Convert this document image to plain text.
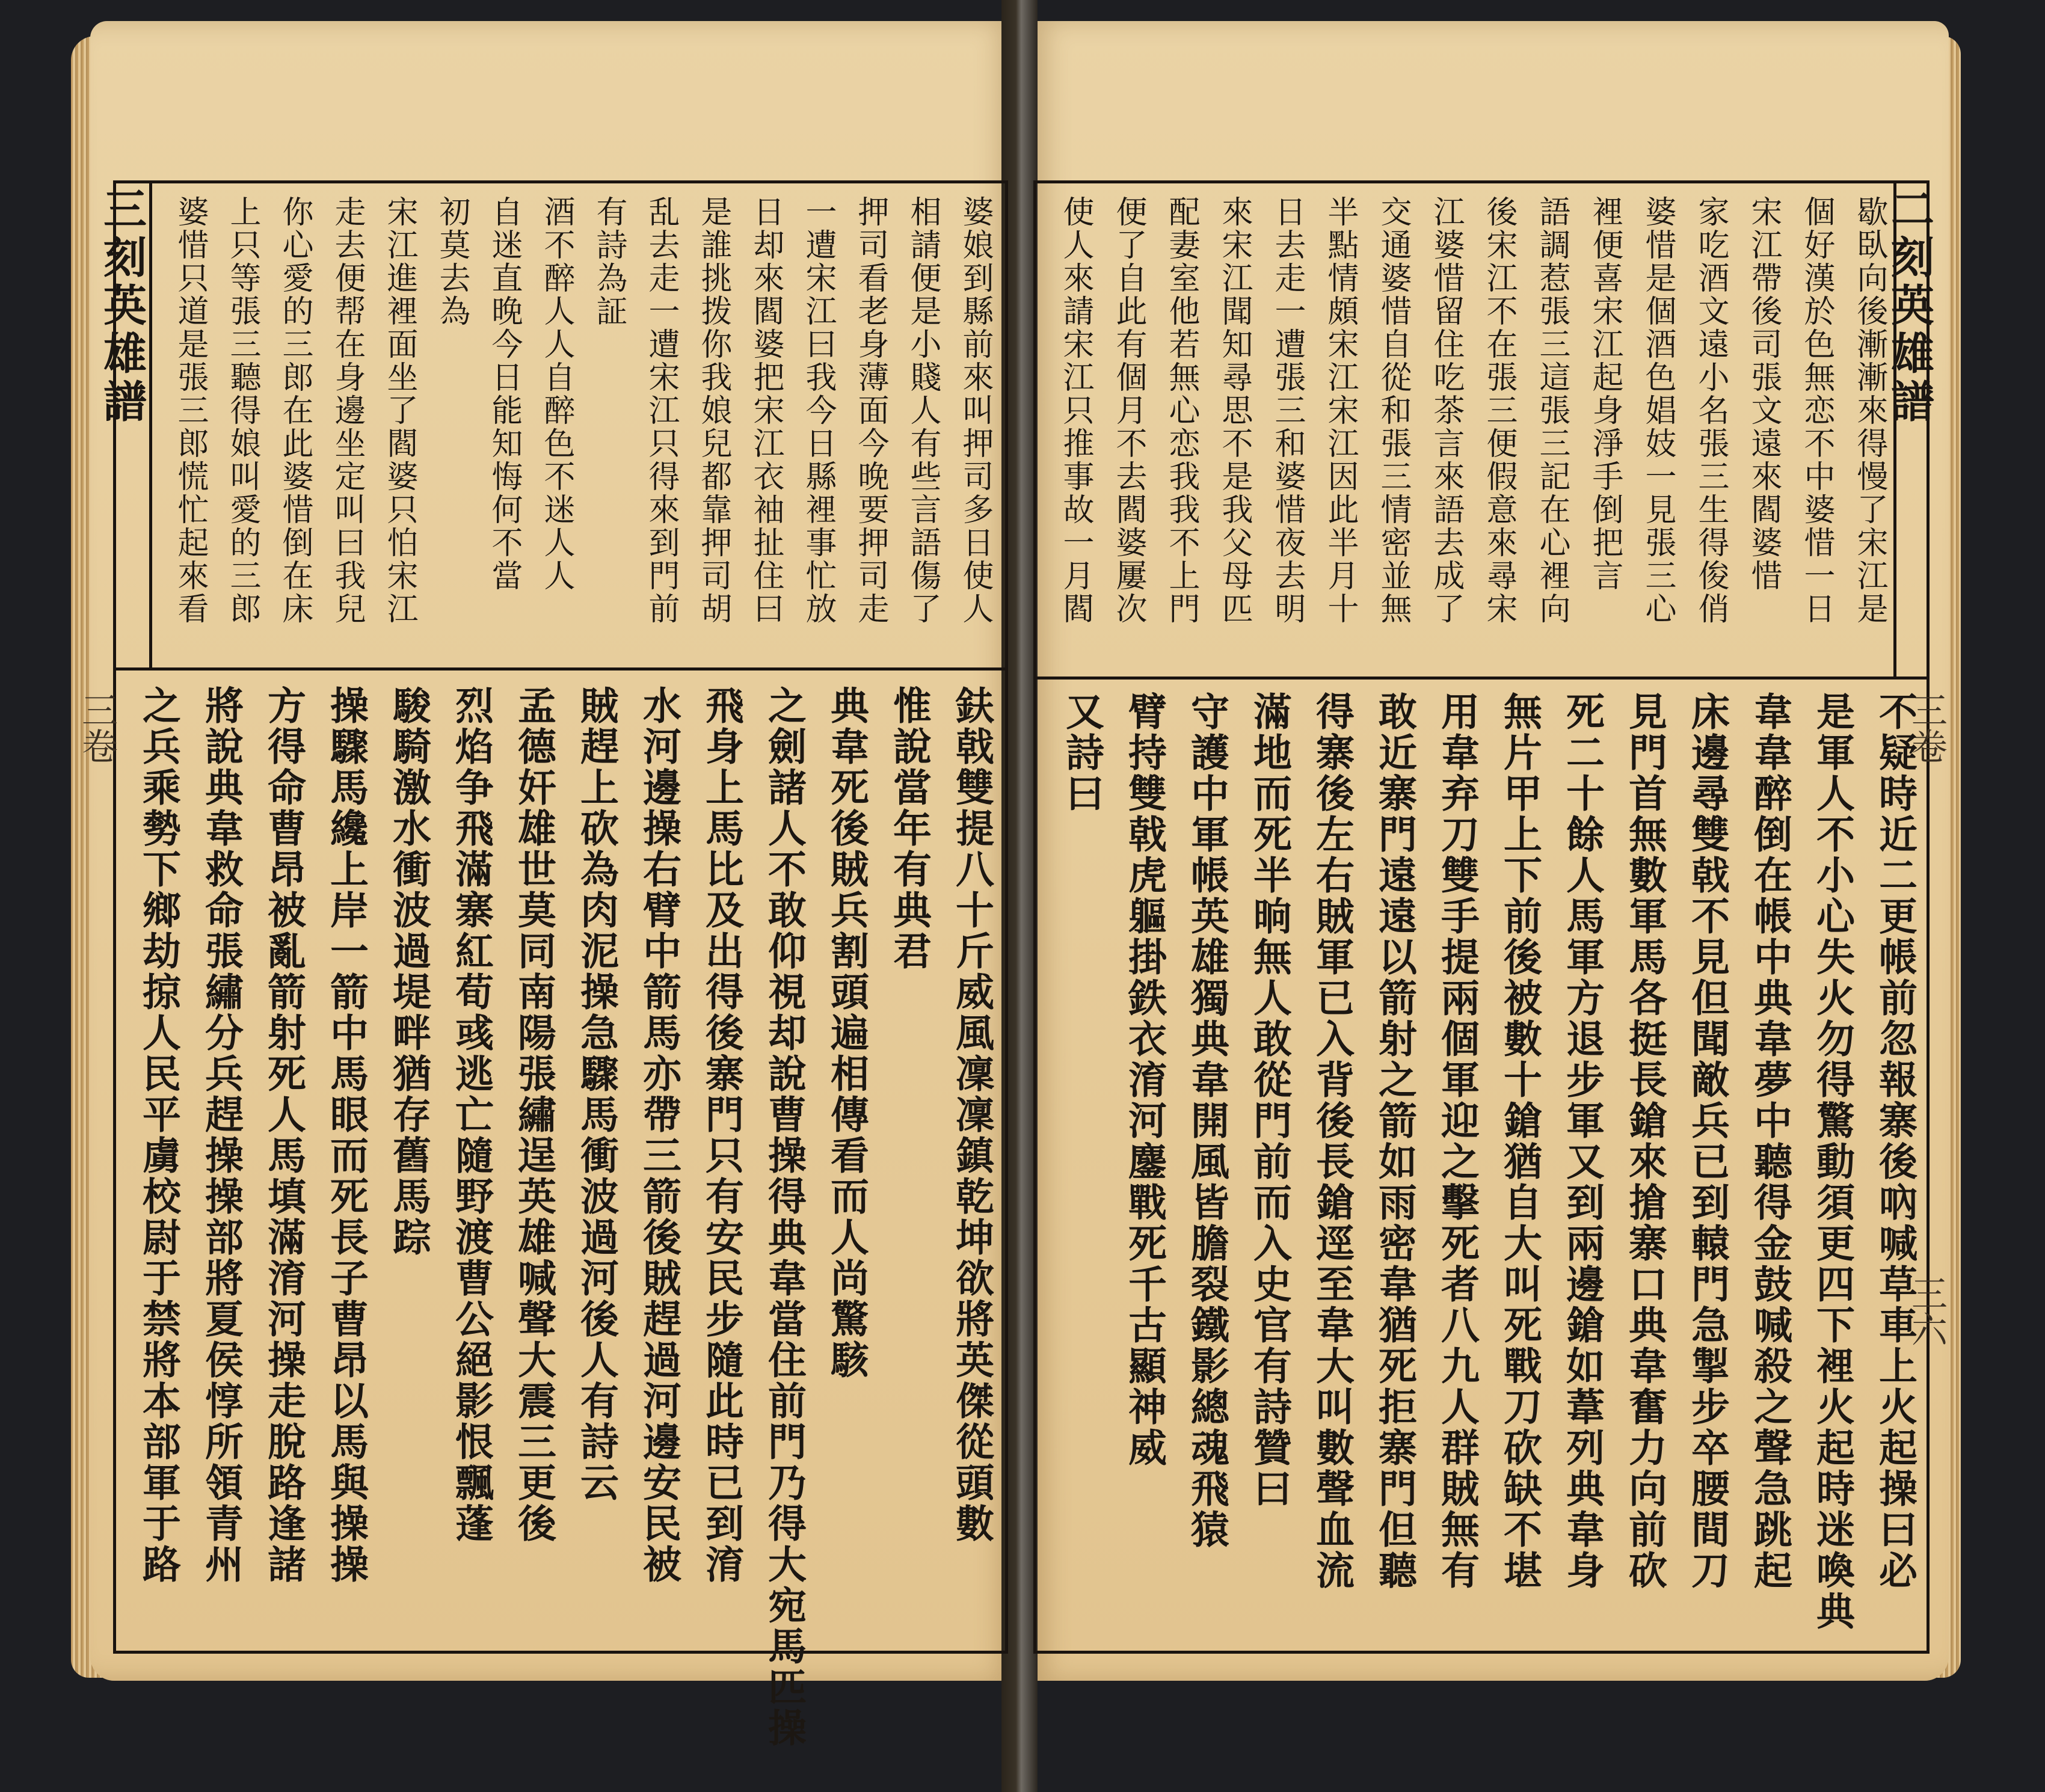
三刻英雄譜	二刻英雄譜
三卷	三卷
三六
婆娘到縣前來叫押司多日使人
相請便是小賤人有些言語傷了
押司看老身薄面今晚要押司走
一遭宋江曰我今日縣裡事忙放
日却來閻婆把宋江衣袖扯住曰
是誰挑拨你我娘兒都靠押司胡
乱去走一遭宋江只得來到門前
有詩為証
酒不醉人人自醉色不迷人人
自迷直晚今日能知悔何不當
初莫去為
宋江進裡面坐了閻婆只怕宋江
走去便帮在身邊坐定叫曰我兒
你心愛的三郎在此婆惜倒在床
上只等張三聽得娘叫愛的三郎
婆惜只道是張三郎慌忙起來看
鈇戟雙提八十斤威風凜凜鎮乾坤欲將英傑從頭數
惟說當年有典君
典韋死後賊兵割頭遍相傳看而人尚驚駭
之劍諸人不敢仰視却說曹操得典韋當住前門乃得大宛馬匹操
飛身上馬比及出得後寨門只有安民步隨此時已到淯
水河邊操右臂中箭馬亦帶三箭後賊趕過河邊安民被
賊趕上砍為肉泥操急驟馬衝波過河後人有詩云
孟德奸雄世莫同南陽張繡逞英雄喊聲大震三更後
烈焰争飛滿寨紅荀彧逃亡隨野渡曹公絕影恨飄蓬
駿騎激水衝波過堤畔猶存舊馬踪
操驟馬纔上岸一箭中馬眼而死長子曹昂以馬與操操
方得命曹昂被亂箭射死人馬填滿淯河操走脫路逢諸
將說典韋救命張繡分兵趕操操部將夏侯惇所領青州
之兵乘勢下鄉劫掠人民平虜校尉于禁將本部軍于路
歇臥向後漸漸來得慢了宋江是
個好漢於色無恋不中婆惜一日
宋江帶後司張文遠來閻婆惜
家吃酒文遠小名張三生得俊俏
婆惜是個酒色娼妓一見張三心
裡便喜宋江起身淨手倒把言
語調惹張三這張三記在心裡向
後宋江不在張三便假意來尋宋
江婆惜留住吃茶言來語去成了
交通婆惜自從和張三情密並無
半點情頗宋江宋江因此半月十
日去走一遭張三和婆惜夜去明
來宋江聞知尋思不是我父母匹
配妻室他若無心恋我我不上門
便了自此有個月不去閻婆屢次
使人來請宋江只推事故一月閻
不疑時近二更帳前忽報寨後吶喊草車上火起操曰必
是軍人不小心失火勿得驚動須更四下裡火起時迷喚典
韋韋醉倒在帳中典韋夢中聽得金鼓喊殺之聲急跳起
床邊尋雙戟不見但聞敵兵已到轅門急掣步卒腰間刀
見門首無數軍馬各挺長鎗來搶寨口典韋奮力向前砍
死二十餘人馬軍方退步軍又到兩邊鎗如葦列典韋身
無片甲上下前後被數十鎗猶自大叫死戰刀砍缺不堪
用韋弃刀雙手提兩個軍迎之擊死者八九人群賊無有
敢近寨門遠遠以箭射之箭如雨密韋猶死拒寨門但聽
得寨後左右賊軍已入背後長鎗逕至韋大叫數聲血流
滿地而死半晌無人敢從門前而入史官有詩贊曰
守護中軍帳英雄獨典韋開風皆膽裂鐵影總魂飛猿
臂持雙戟虎軀掛鉄衣淯河鏖戰死千古顯神威
又詩曰
